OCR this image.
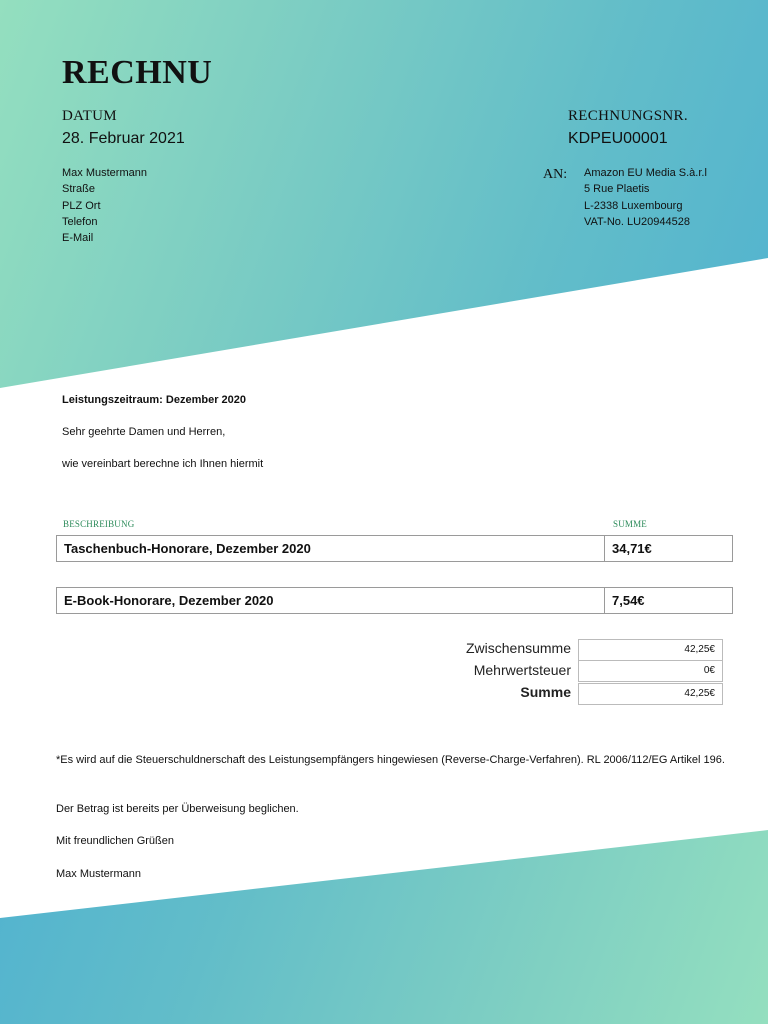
RECHNU
DATUM
28. Februar 2021
RECHNUNGSNR.
KDPEU00001
Max Mustermann
Straße
PLZ Ort
Telefon
E-Mail
AN: Amazon EU Media S.à.r.l
5 Rue Plaetis
L-2338 Luxembourg
VAT-No. LU20944528
Leistungszeitraum: Dezember 2020
Sehr geehrte Damen und Herren,
wie vereinbart berechne ich Ihnen hiermit
BESCHREIBUNG	SUMME
Taschenbuch-Honorare, Dezember 2020	34,71€
E-Book-Honorare, Dezember 2020	7,54€
Zwischensumme	42,25€
Mehrwertsteuer	0€
Summe	42,25€
*Es wird auf die Steuerschuldnerschaft des Leistungsempfängers hingewiesen (Reverse-Charge-Verfahren). RL 2006/112/EG Artikel 196.
Der Betrag ist bereits per Überweisung beglichen.
Mit freundlichen Grüßen
Max Mustermann
